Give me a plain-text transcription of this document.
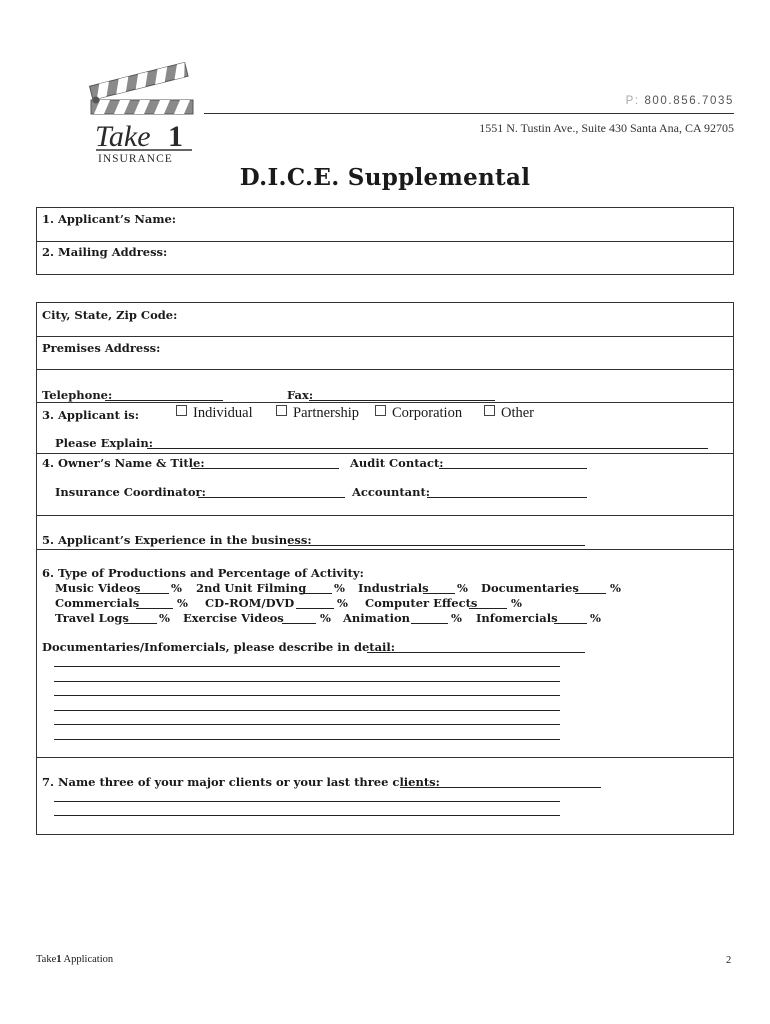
Take 1
INSURANCE
P: 800.856.7035
1551 N. Tustin Ave., Suite 430 Santa Ana, CA 92705
D.I.C.E. Supplemental
1. Applicant’s Name:
2. Mailing Address:
City, State, Zip Code:
Premises Address:
Telephone:	Fax:
3. Applicant is:	Individual	Partnership	Corporation	Other
Please Explain:
4. Owner’s Name & Title:	Audit Contact:
Insurance Coordinator:	Accountant:
5. Applicant’s Experience in the business:
6. Type of Productions and Percentage of Activity:
Music Videos	% 2nd Unit Filming % Industrials % Documentaries	%
Commercials	% CD-ROM/DVD	% Computer Effects	%
Travel Logs	% Exercise Videos	% Animation	% Infomercials	%
Documentaries/Infomercials, please describe in detail:
7. Name three of your major clients or your last three clients:
Take1 Application	2
